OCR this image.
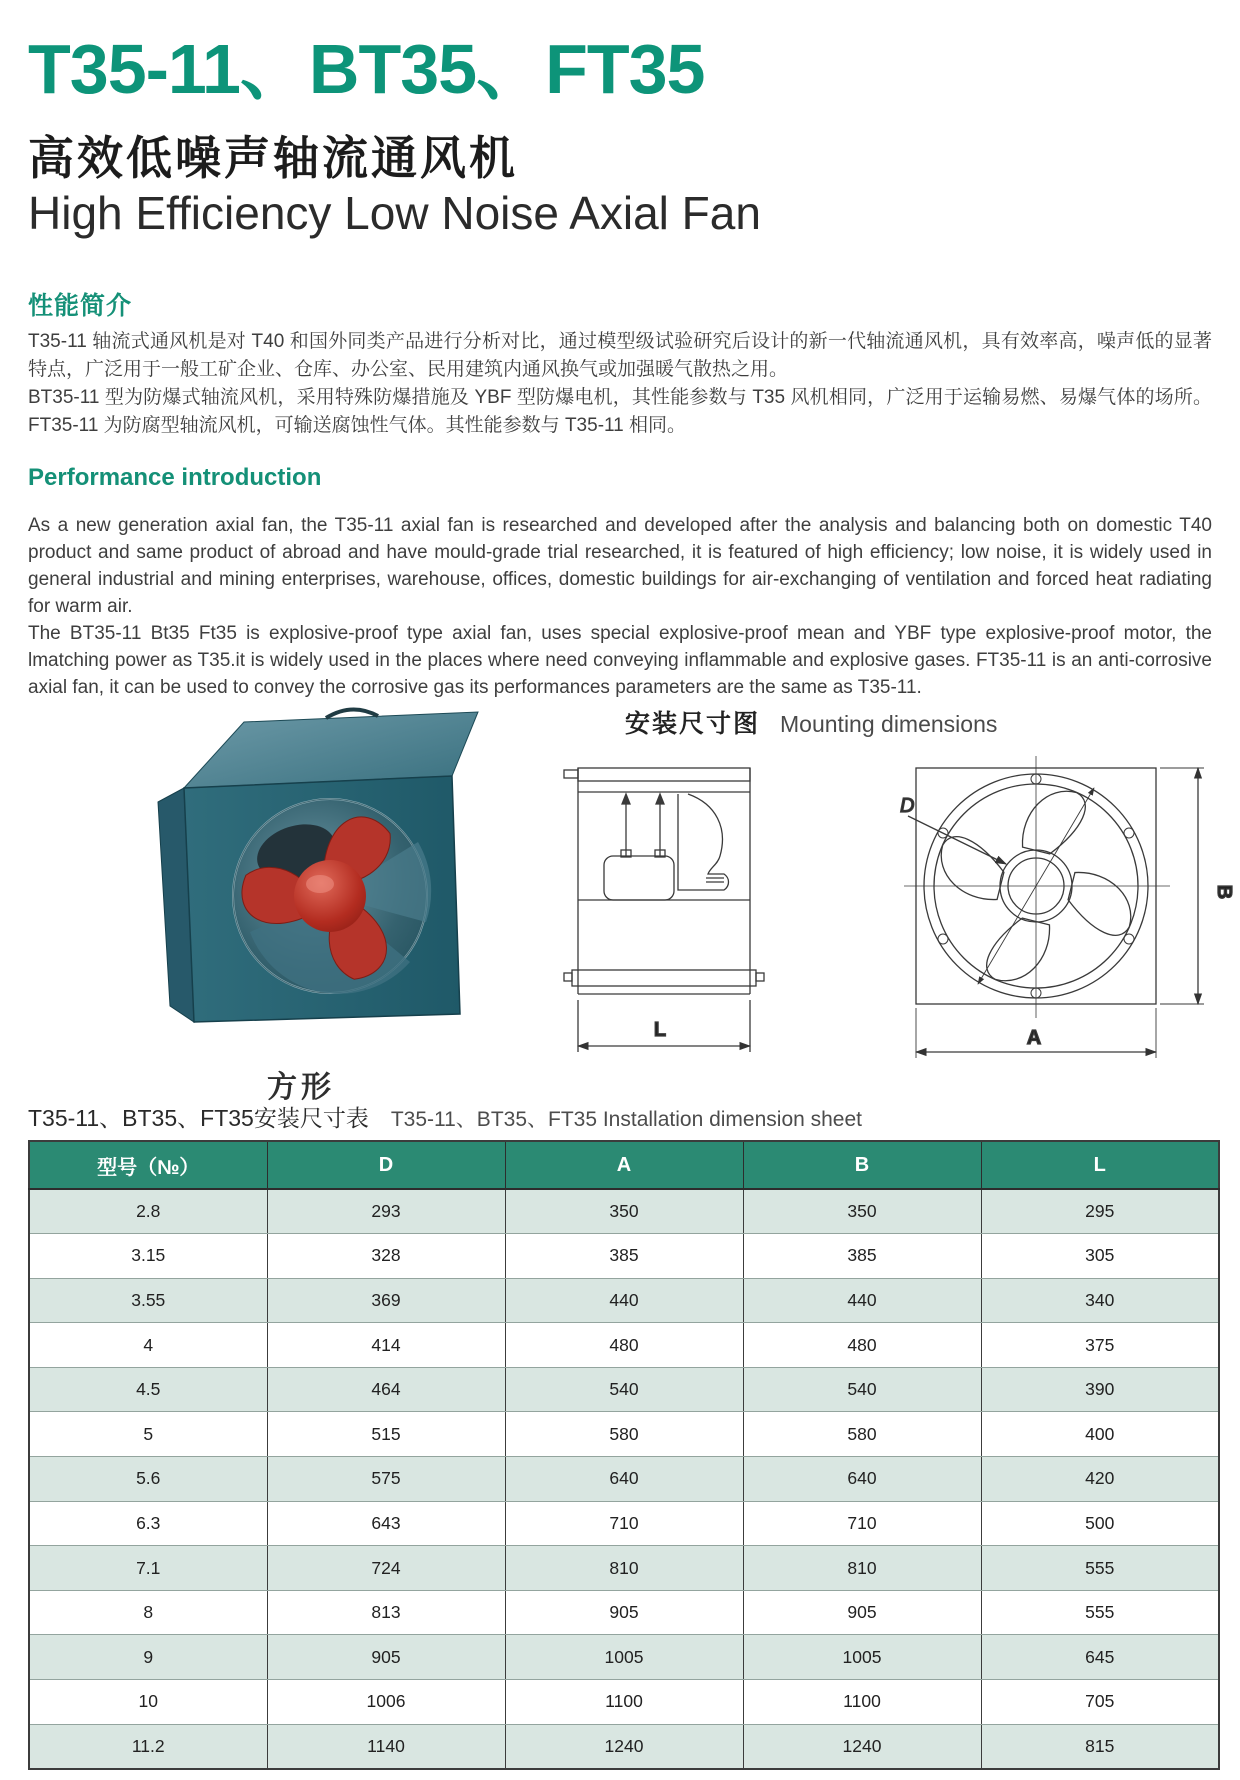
T35-11、BT35、FT35
高效低噪声轴流通风机
High Efficiency Low Noise Axial Fan
性能简介

T35-11 轴流式通风机是对 T40 和国外同类产品进行分析对比，通过模型级试验研究后设计的新一代轴流通风机，具有效率高，噪声低的显著特点，广泛用于一般工矿企业、仓库、办公室、民用建筑内通风换气或加强暖气散热之用。

BT35-11 型为防爆式轴流风机，采用特殊防爆措施及 YBF 型防爆电机，其性能参数与 T35 风机相同，广泛用于运输易燃、易爆气体的场所。FT35-11 为防腐型轴流风机，可输送腐蚀性气体。其性能参数与 T35-11 相同。

Performance introduction

As a new generation axial fan, the T35-11 axial fan is researched and developed after the analysis and balancing both on domestic T40 product and same product of abroad and have mould-grade trial researched, it is featured of high efficiency; low noise, it is widely used in general industrial and mining enterprises, warehouse, offices, domestic buildings for air-exchanging of ventilation and forced heat radiating for warm air.

The BT35-11 Bt35 Ft35 is explosive-proof type axial fan, uses special explosive-proof mean and YBF type explosive-proof motor, the lmatching power as T35.it is widely used in the places where need conveying inflammable and explosive gases. FT35-11 is an anti-corrosive axial fan, it can be used to convey the corrosive gas its performances parameters are the same as T35-11.

方形
安装尺寸图 Mounting dimensions
L
D
B
A
T35-11、BT35、FT35安装尺寸表 T35-11、BT35、FT35 Installation dimension sheet
型号（№）	D	A	B	L
2.8	293	350	350	295
3.15	328	385	385	305
3.55	369	440	440	340
4	414	480	480	375
4.5	464	540	540	390
5	515	580	580	400
5.6	575	640	640	420
6.3	643	710	710	500
7.1	724	810	810	555
8	813	905	905	555
9	905	1005	1005	645
10	1006	1100	1100	705
11.2	1140	1240	1240	815
